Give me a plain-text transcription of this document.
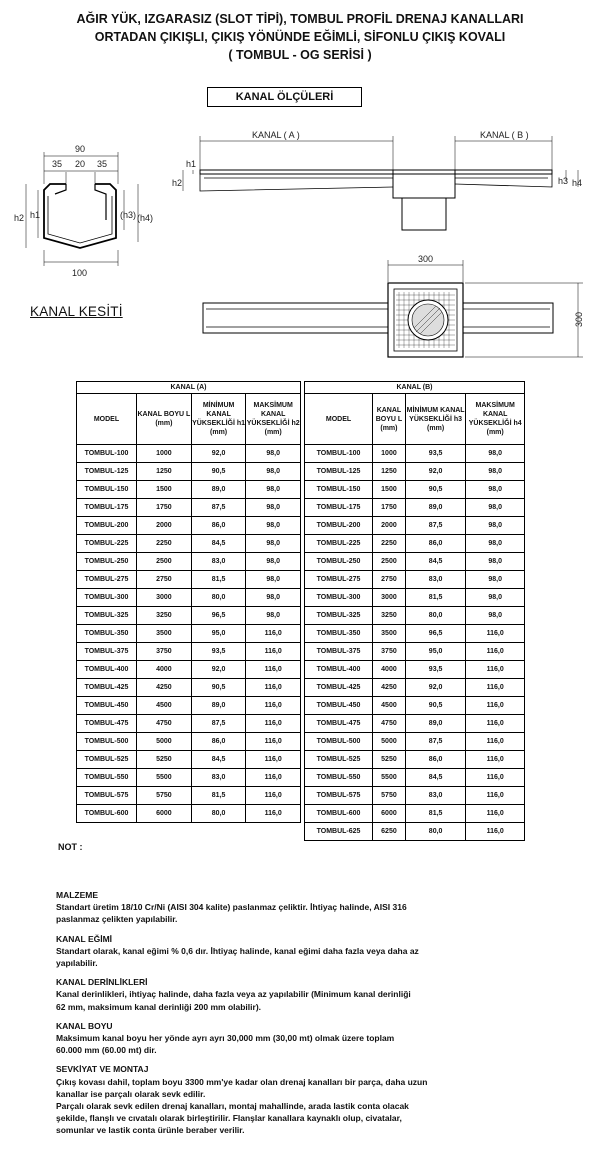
AĞIR YÜK, IZGARASIZ (SLOT TİPİ), TOMBUL PROFİL DRENAJ KANALLARI
ORTADAN ÇIKIŞLI, ÇIKIŞ YÖNÜNDE EĞİMLİ, SİFONLU ÇIKIŞ KOVALI
( TOMBUL - OG SERİSİ )
KANAL ÖLÇÜLERİ
90
35 20 35
100
h2 h1	(h3) (h4)
KANAL ( A )	KANAL ( B )
h1
h2	h3 h4
300
300
KANAL KESİTİ
KANAL (A)			
MODEL	KANAL BOYU L (mm)	MİNİMUM KANAL YÜKSEKLİĞİ h1 (mm)	MAKSİMUM KANAL YÜKSEKLİĞİ h2 (mm)
TOMBUL-100	1000	92,0	98,0
TOMBUL-125	1250	90,5	98,0
TOMBUL-150	1500	89,0	98,0
TOMBUL-175	1750	87,5	98,0
TOMBUL-200	2000	86,0	98,0
TOMBUL-225	2250	84,5	98,0
TOMBUL-250	2500	83,0	98,0
TOMBUL-275	2750	81,5	98,0
TOMBUL-300	3000	80,0	98,0
TOMBUL-325	3250	96,5	98,0
TOMBUL-350	3500	95,0	116,0
TOMBUL-375	3750	93,5	116,0
TOMBUL-400	4000	92,0	116,0
TOMBUL-425	4250	90,5	116,0
TOMBUL-450	4500	89,0	116,0
TOMBUL-475	4750	87,5	116,0
TOMBUL-500	5000	86,0	116,0
TOMBUL-525	5250	84,5	116,0
TOMBUL-550	5500	83,0	116,0
TOMBUL-575	5750	81,5	116,0
TOMBUL-600	6000	80,0	116,0
KANAL (B)			
MODEL	KANAL BOYU L (mm)	MİNİMUM KANAL YÜKSEKLİĞİ h3 (mm)	MAKSİMUM KANAL YÜKSEKLİĞİ h4 (mm)
TOMBUL-100	1000	93,5	98,0
TOMBUL-125	1250	92,0	98,0
TOMBUL-150	1500	90,5	98,0
TOMBUL-175	1750	89,0	98,0
TOMBUL-200	2000	87,5	98,0
TOMBUL-225	2250	86,0	98,0
TOMBUL-250	2500	84,5	98,0
TOMBUL-275	2750	83,0	98,0
TOMBUL-300	3000	81,5	98,0
TOMBUL-325	3250	80,0	98,0
TOMBUL-350	3500	96,5	116,0
TOMBUL-375	3750	95,0	116,0
TOMBUL-400	4000	93,5	116,0
TOMBUL-425	4250	92,0	116,0
TOMBUL-450	4500	90,5	116,0
TOMBUL-475	4750	89,0	116,0
TOMBUL-500	5000	87,5	116,0
TOMBUL-525	5250	86,0	116,0
TOMBUL-550	5500	84,5	116,0
TOMBUL-575	5750	83,0	116,0
TOMBUL-600	6000	81,5	116,0
TOMBUL-625	6250	80,0	116,0
NOT :

MALZEME

Standart üretim 18/10 Cr/Ni (AISI 304 kalite) paslanmaz çeliktir. İhtiyaç halinde, AISI 316

paslanmaz çelikten yapılabilir.

KANAL EĞİMİ

Standart olarak, kanal eğimi % 0,6 dır. İhtiyaç halinde, kanal eğimi daha fazla veya daha az

yapılabilir.

KANAL DERİNLİKLERİ

Kanal derinlikleri, ihtiyaç halinde, daha fazla veya az yapılabilir (Minimum kanal derinliği

62 mm, maksimum kanal derinliği 200 mm olabilir).

KANAL BOYU

Maksimum kanal boyu her yönde ayrı ayrı 30,000 mm (30,00 mt) olmak üzere toplam

60.000 mm (60.00 mt) dir.

SEVKİYAT VE MONTAJ

Çıkış kovası dahil, toplam boyu 3300 mm'ye kadar olan drenaj kanalları bir parça, daha uzun

kanallar ise parçalı olarak sevk edilir.

Parçalı olarak sevk edilen drenaj kanalları, montaj mahallinde, arada lastik conta olacak

şekilde, flanşlı ve cıvatalı olarak birleştirilir. Flanşlar kanallara kaynaklı olup, civatalar,

somunlar ve lastik conta ürünle beraber verilir.
